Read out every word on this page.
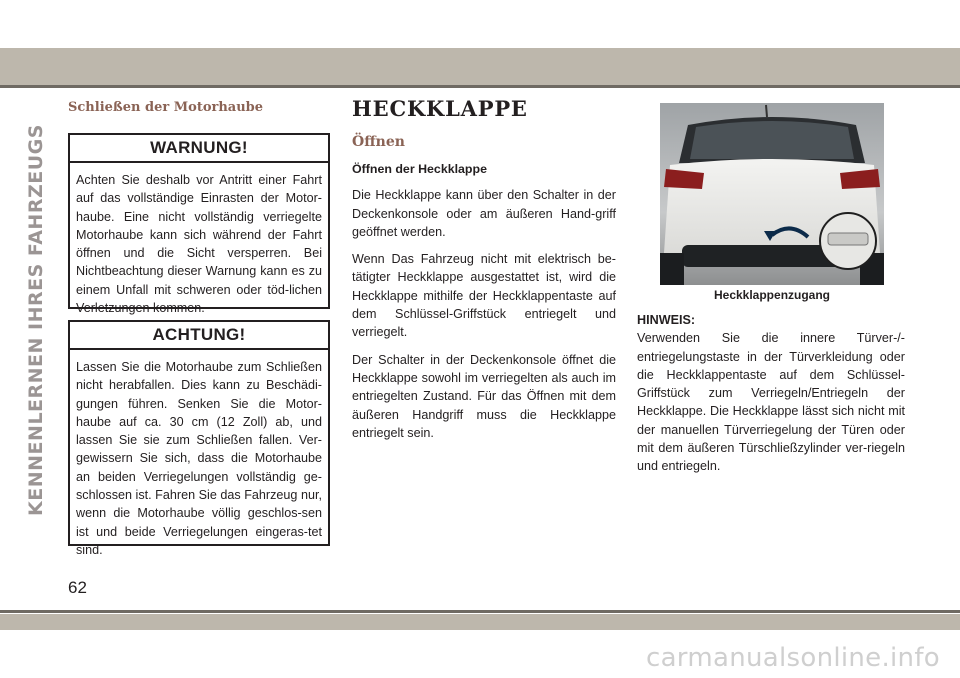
KENNENLERNEN IHRES FAHRZEUGS
Schließen der Motorhaube
WARNUNG!
Achten Sie deshalb vor Antritt einer Fahrt auf das vollständige Einrasten der Motor-haube. Eine nicht vollständig verriegelte Motorhaube kann sich während der Fahrt öffnen und die Sicht versperren. Bei Nichtbeachtung dieser Warnung kann es zu einem Unfall mit schweren oder töd-lichen Verletzungen kommen.
ACHTUNG!
Lassen Sie die Motorhaube zum Schließen nicht herabfallen. Dies kann zu Beschädi-gungen führen. Senken Sie die Motor-haube auf ca. 30 cm (12 Zoll) ab, und lassen Sie sie zum Schließen fallen. Ver-gewissern Sie sich, dass die Motorhaube an beiden Verriegelungen vollständig ge-schlossen ist. Fahren Sie das Fahrzeug nur, wenn die Motorhaube völlig geschlos-sen ist und beide Verriegelungen eingeras-tet sind.
HECKKLAPPE
Öffnen
Öffnen der Heckklappe

Die Heckklappe kann über den Schalter in der Deckenkonsole oder am äußeren Hand-griff geöffnet werden.

Wenn Das Fahrzeug nicht mit elektrisch be-tätigter Heckklappe ausgestattet ist, wird die Heckklappe mithilfe der Heckklappentaste auf dem Schlüssel-Griffstück entriegelt und verriegelt.

Der Schalter in der Deckenkonsole öffnet die Heckklappe sowohl im verriegelten als auch im entriegelten Zustand. Für das Öffnen mit dem äußeren Handgriff muss die Heckklappe entriegelt sein.

Heckklappenzugang
HINWEIS:
Verwenden Sie die innere Türver-/-entriegelungstaste in der Türverkleidung oder die Heckklappentaste auf dem Schlüssel-Griffstück zum Verriegeln/Entriegeln der Heckklappe. Die Heckklappe lässt sich nicht mit der manuellen Türverriegelung der Türen oder mit dem äußeren Türschließzylinder ver-riegeln und entriegeln.
62
carmanualsonline.info
